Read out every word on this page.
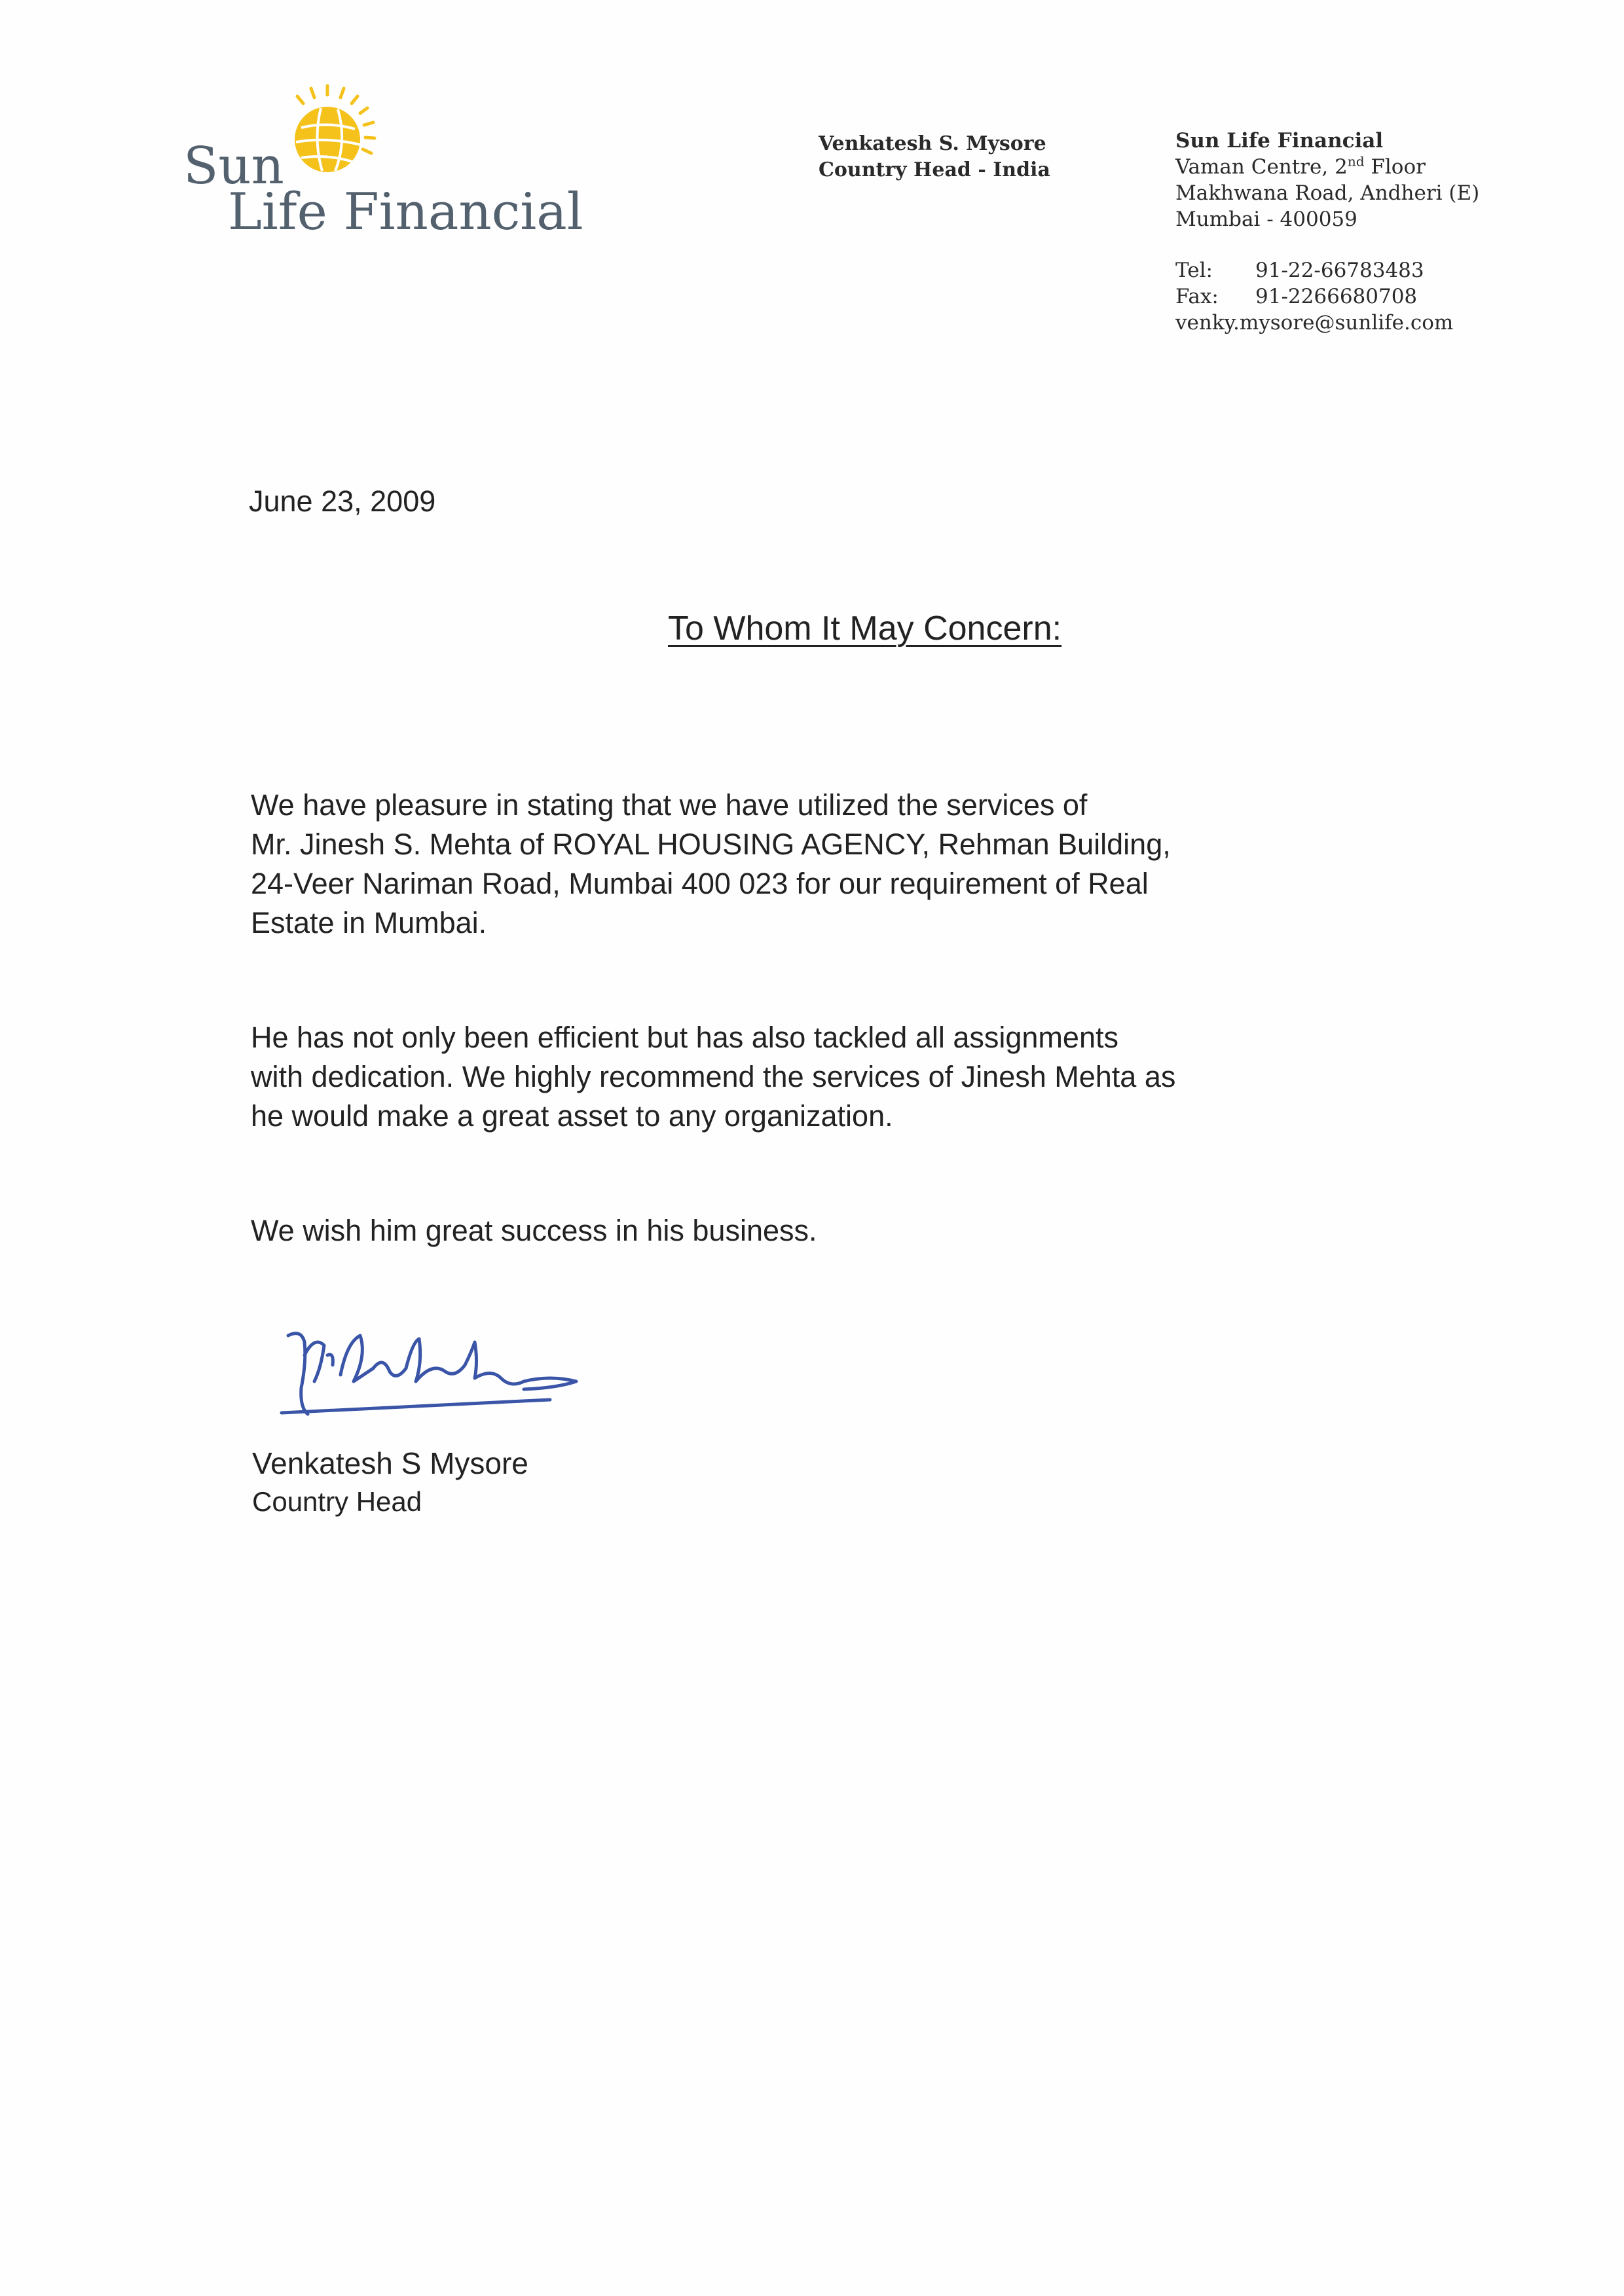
Sun
Life Financial
Venkatesh S. Mysore
Country Head - India
Sun Life Financial
Vaman Centre, 2nd Floor
Makhwana Road, Andheri (E)
Mumbai - 400059
Tel:	91-22-66783483
Fax:	91-2266680708
venky.mysore@sunlife.com
June 23, 2009
To Whom It May Concern:
We have pleasure in stating that we have utilized the services of
Mr. Jinesh S. Mehta of ROYAL HOUSING AGENCY, Rehman Building,
24-Veer Nariman Road, Mumbai 400 023 for our requirement of Real
Estate in Mumbai.
He has not only been efficient but has also tackled all assignments
with dedication. We highly recommend the services of Jinesh Mehta as
he would make a great asset to any organization.
We wish him great success in his business.
Venkatesh S Mysore
Country Head
